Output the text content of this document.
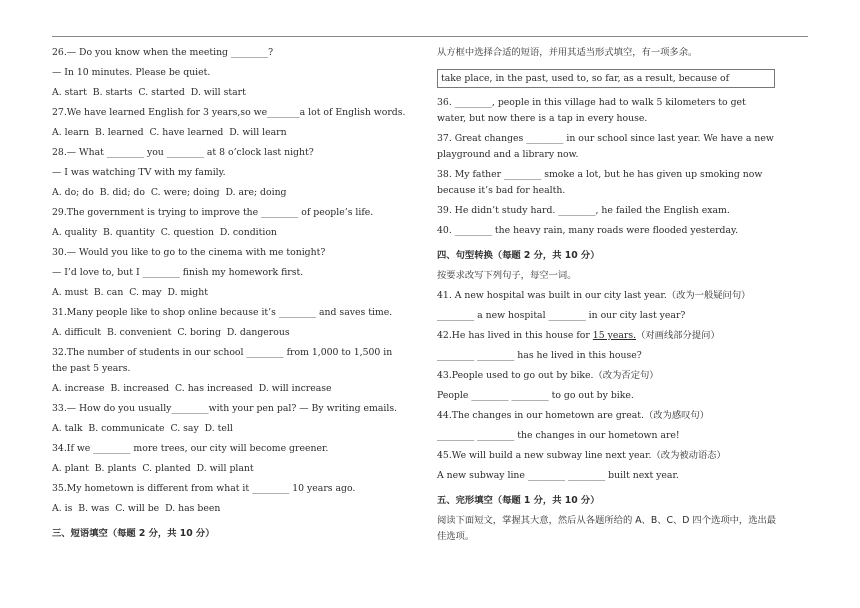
26.— Do you know when the meeting ________?

— In 10 minutes. Please be quiet.

A. start  B. starts  C. started  D. will start

27.We have learned English for 3 years,so we_______a lot of English words.

A. learn  B. learned  C. have learned  D. will learn

28.— What ________ you ________ at 8 o’clock last night?

— I was watching TV with my family.

A. do; do  B. did; do  C. were; doing  D. are; doing

29.The government is trying to improve the ________ of people’s life.

A. quality  B. quantity  C. question  D. condition

30.— Would you like to go to the cinema with me tonight?

— I’d love to, but I ________ finish my homework first.

A. must  B. can  C. may  D. might

31.Many people like to shop online because it’s ________ and saves time.

A. difficult  B. convenient  C. boring  D. dangerous

32.The number of students in our school ________ from 1,000 to 1,500 in

the past 5 years.

A. increase  B. increased  C. has increased  D. will increase

33.— How do you usually________with your pen pal? — By writing emails.

A. talk  B. communicate  C. say  D. tell

34.If we ________ more trees, our city will become greener.

A. plant  B. plants  C. planted  D. will plant

35.My hometown is different from what it ________ 10 years ago.

A. is  B. was  C. will be  D. has been

三、短语填空（每题 2 分，共 10 分）

从方框中选择合适的短语，并用其适当形式填空，有一项多余。

take place, in the past, used to, so far, as a result, because of

36. ________, people in this village had to walk 5 kilometers to get

water, but now there is a tap in every house.

37. Great changes ________ in our school since last year. We have a new

playground and a library now.

38. My father ________ smoke a lot, but he has given up smoking now

because it’s bad for health.

39. He didn’t study hard. ________, he failed the English exam.

40. ________ the heavy rain, many roads were flooded yesterday.

四、句型转换（每题 2 分，共 10 分）

按要求改写下列句子，每空一词。

41. A new hospital was built in our city last year.（改为一般疑问句）

________ a new hospital ________ in our city last year?

42.He has lived in this house for 15 years.（对画线部分提问）

________ ________ has he lived in this house?

43.People used to go out by bike.（改为否定句）

People ________ ________ to go out by bike.

44.The changes in our hometown are great.（改为感叹句）

________ ________ the changes in our hometown are!

45.We will build a new subway line next year.（改为被动语态）

A new subway line ________ ________ built next year.

五、完形填空（每题 1 分，共 10 分）

阅读下面短文，掌握其大意，然后从各题所给的 A、B、C、D 四个选项中，选出最

佳选项。
